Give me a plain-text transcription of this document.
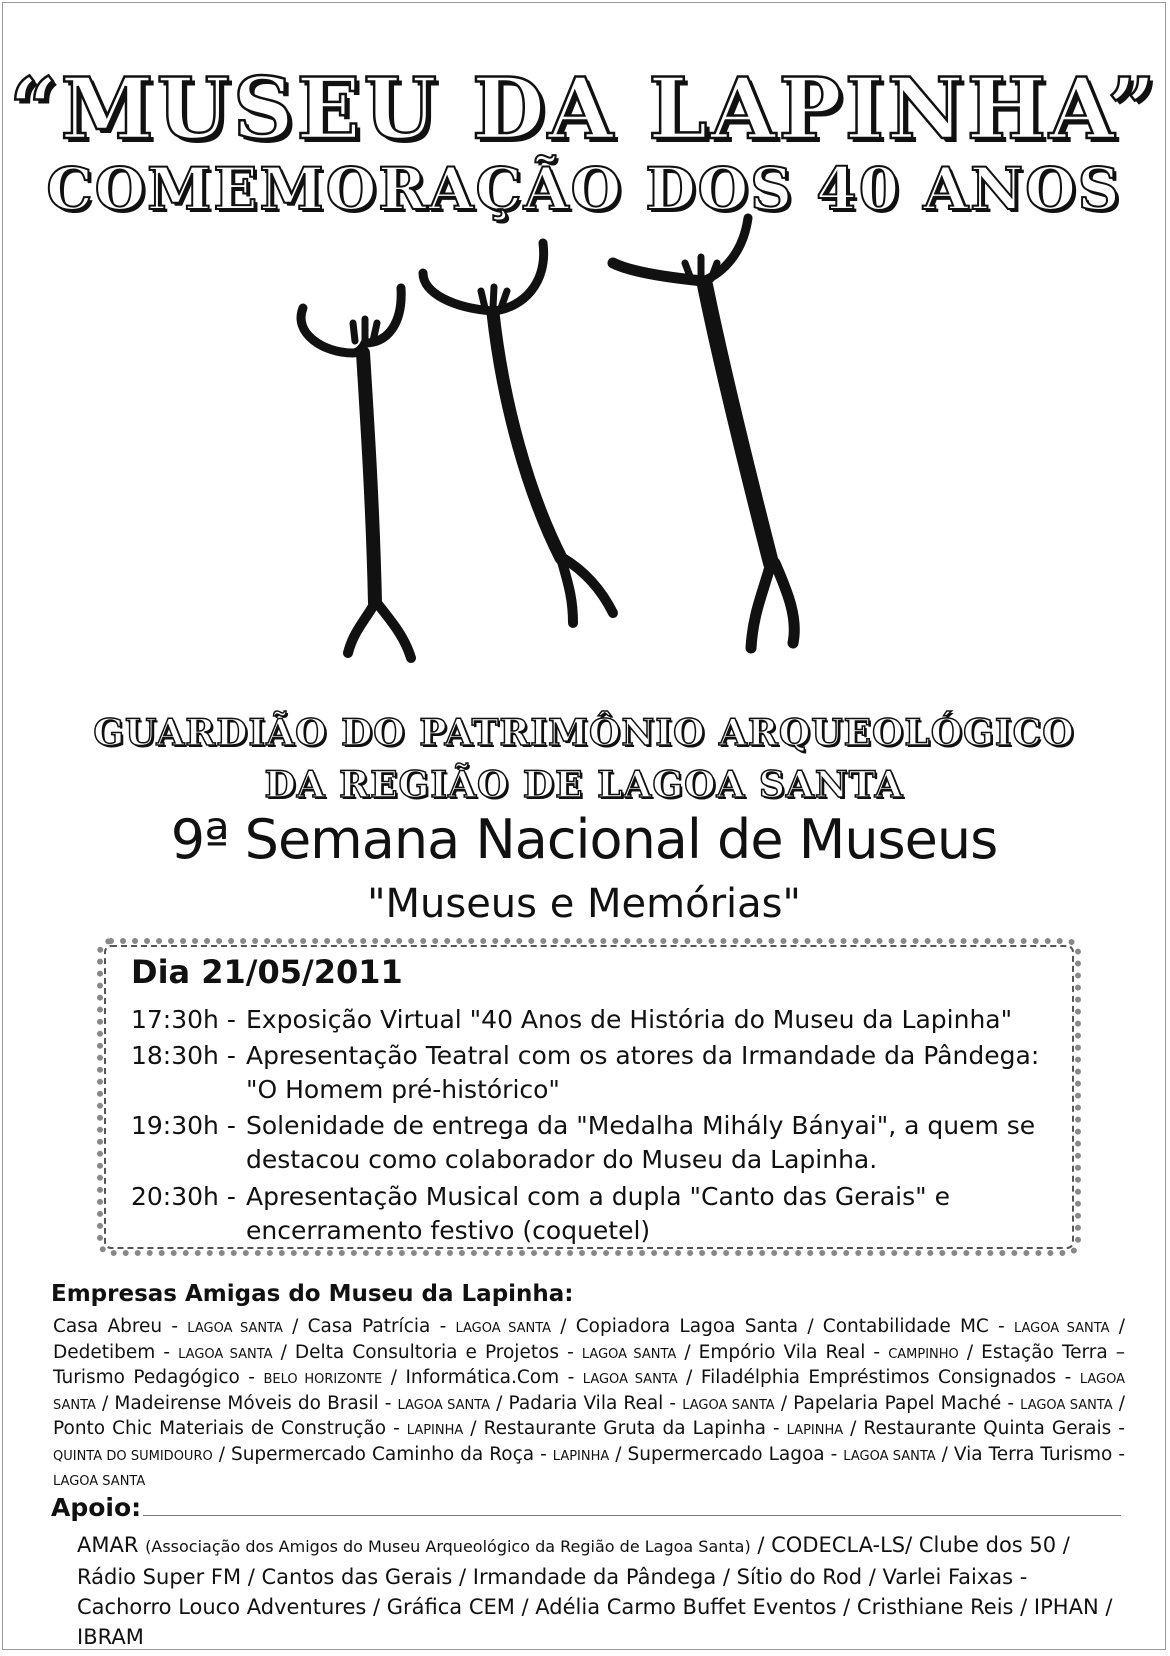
“MUSEU DA LAPINHA”
COMEMORAÇÃO DOS 40 ANOS
GUARDIÃO DO PATRIMÔNIO ARQUEOLÓGICO DA REGIÃO DE LAGOA SANTA
9ª Semana Nacional de Museus
"Museus e Memórias"
Dia 21/05/2011
17:30h - Exposição Virtual "40 Anos de História do Museu da Lapinha"
18:30h - Apresentação Teatral com os atores da Irmandade da Pândega:
"O Homem pré-histórico"
19:30h - Solenidade de entrega da "Medalha Mihály Bányai", a quem se
destacou como colaborador do Museu da Lapinha.
20:30h - Apresentação Musical com a dupla "Canto das Gerais" e
encerramento festivo (coquetel)
Empresas Amigas do Museu da Lapinha:
Casa Abreu - LAGOA SANTA / Casa Patrícia - LAGOA SANTA / Copiadora Lagoa Santa / Contabilidade MC - LAGOA SANTA / Dedetibem - LAGOA SANTA / Delta Consultoria e Projetos - LAGOA SANTA / Empório Vila Real - CAMPINHO / Estação Terra – Turismo Pedagógico - BELO HORIZONTE / Informática.Com - LAGOA SANTA / Filadélphia Empréstimos Consignados - LAGOA SANTA / Madeirense Móveis do Brasil - LAGOA SANTA / Padaria Vila Real - LAGOA SANTA / Papelaria Papel Maché - LAGOA SANTA / Ponto Chic Materiais de Construção - LAPINHA / Restaurante Gruta da Lapinha - LAPINHA / Restaurante Quinta Gerais - QUINTA DO SUMIDOURO / Supermercado Caminho da Roça - LAPINHA / Supermercado Lagoa - LAGOA SANTA / Via Terra Turismo - LAGOA SANTA
Apoio:
AMAR (Associação dos Amigos do Museu Arqueológico da Região de Lagoa Santa) / CODECLA-LS/ Clube dos 50 / Rádio Super FM / Cantos das Gerais / Irmandade da Pândega / Sítio do Rod / Varlei Faixas - Cachorro Louco Adventures / Gráfica CEM / Adélia Carmo Buffet Eventos / Cristhiane Reis / IPHAN / IBRAM
